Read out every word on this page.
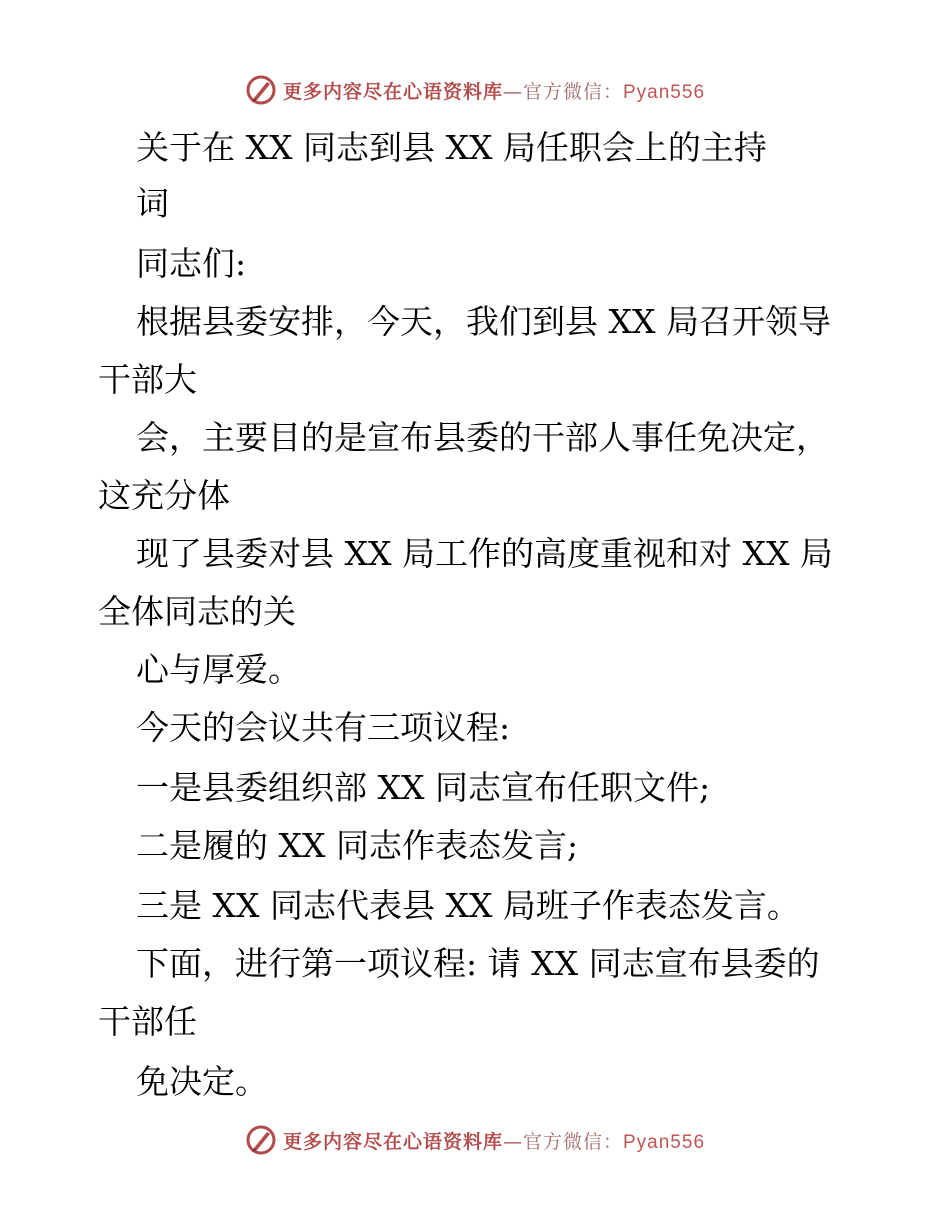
更多内容尽在心语资料库—官方微信：Pyan556
关于在 XX 同志到县 XX 局任职会上的主持
词
同志们:
根据县委安排，今天，我们到县 XX 局召开领导
干部大
会，主要目的是宣布县委的干部人事任免决定，
这充分体
现了县委对县 XX 局工作的高度重视和对 XX 局
全体同志的关
心与厚爱。
今天的会议共有三项议程:
一是县委组织部 XX 同志宣布任职文件;
二是履的 XX 同志作表态发言;
三是 XX 同志代表县 XX 局班子作表态发言。
下面，进行第一项议程: 请 XX 同志宣布县委的
干部任
免决定。
更多内容尽在心语资料库—官方微信：Pyan556
